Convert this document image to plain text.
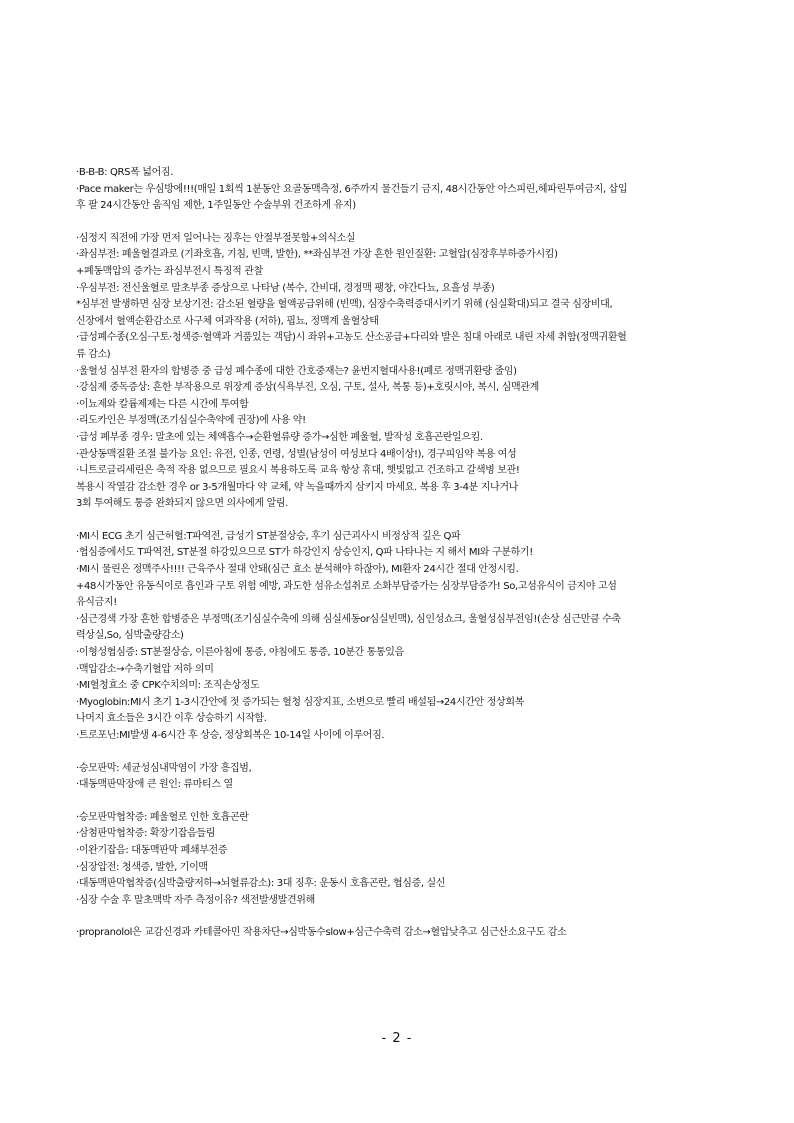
·B-B-B: QRS폭 넓어짐.
·Pace maker는 우심방에!!!(매일 1회씩 1분동안 요골동맥측정, 6주까지 물건들기 금지, 48시간동안 아스피린,헤파린투여금지, 삽입
후 팔 24시간동안 움직임 제한, 1주일동안 수술부위 건조하게 유지)
·심정지 직전에 가장 먼저 일어나는 징후는 안절부절못함+의식소실
·좌심부전: 폐울혈결과로 (기좌호흡, 기침, 빈맥, 발한), **좌심부전 가장 흔한 원인질환: 고혈압(심장후부하증가시킴)
+폐동맥압의 증가는 좌심부전시 특징적 관찰
·우심부전: 전신울혈로 말초부종 증상으로 나타남 (복수, 간비대, 경정맥 팽창, 야간다뇨, 요흘성 부종)
*심부전 발생하면 심장 보상기전: 감소된 혈량을 혈액공급위해 (빈맥), 심장수축력증대시키기 위해 (심실확대)되고 결국 심장비대,
신장에서 혈액순환감소로 사구체 여과작용 (저하), 핍뇨, 정맥계 울혈상태
·급성폐수종(오심·구토·청색증·혈액과 거품있는 객담)시 좌위+고농도 산소공급+다리와 발은 침대 아래로 내린 자세 취함(정맥귀환혈
류 감소)
·울혈성 심부전 환자의 합병증 중 급성 폐수종에 대한 간호중재는? 윤번지혈대사용!(폐로 정맥귀환량 줄임)
·강심제 중독증상: 흔한 부작용으로 위장계 증상(식욕부진, 오심, 구토, 설사, 복통 등)+호릿시야, 복시, 심맥관계
·이뇨제와 칼륨제제는 다른 시간에 투여함
·리도카인은 부정맥(조기심실수축약에 권장)에 사용 약!
·급성 폐부종 경우: 말초에 있는 체액흡수→순환혈류량 증가→심한 폐울혈, 발작성 호흡곤란일으킴.
·관상동맥질환 조절 불가능 요인: 유전, 인종, 연령, 성별(남성이 여성보다 4배이상!), 경구피임약 복용 여성
·니트로글리세린은 축적 작용 없으므로 필요시 복용하도록 교육 항상 휴대, 햇빛없고 건조하고 갈색병 보관!
복용시 작열감 감소한 경우 or 3-5개월마다 약 교체, 약 녹을때까지 삼키지 마세요. 복용 후 3-4분 지나거나
3회 투여해도 통증 완화되지 않으면 의사에게 알림.
·MI시 ECG 초기 심근허혈:T파역전, 급성기 ST분절상승, 후기 심근괴사시 비정상적 깊은 Q파
·협심증에서도 T파역전, ST분절 하강있으므로 ST가 하강인지 상승인지, Q파 나타나는 지 해서 MI와 구분하기!
·MI시 물린은 정맥주사!!!! 근육주사 절대 안돼(심근 효소 분석해야 하잖아), MI환자 24시간 절대 안정시킴.
+48시가동안 유동식이로 흡인과 구토 위험 예방, 과도한 섬유소섭취로 소화부담증가는 심장부담증가! So,고섬유식이 금지야 고섬
유식금지!
·심근경색 가장 흔한 합병증은 부정맥(조기심실수축에 의해 심실세동or심실빈맥), 심인성쇼크, 울혈성심부전임!(손상 심근만큼 수축
력상실,So, 심박출량감소)
·이형성협심증: ST분절상승, 이른아침에 통증, 야침에도 통증, 10분간 통통있음
·맥압감소→수축기혈압 저하 의미
·MI혈청효소 중 CPK수치의미: 조직손상정도
·Myoglobin:MI시 초기 1-3시간안에 젓 증가되는 혈청 심장지표, 소변으로 빨리 배설됨→24시간안 정상회복
나머지 효소들은 3시간 이후 상승하기 시작함.
·트로포닌:MI발생 4-6시간 후 상승, 정상회복은 10-14일 사이에 이루어짐.
·승모판막: 세균성심내막염이 가장 흥집범,
·대동맥판막장애 큰 원인: 류마티스 열
·승모판막협착증: 폐울혈로 인한 호흡곤란
·삼첨판막협착증: 확장기잡음들림
·이완기잡음: 대동맥판막 폐쇄부전증
·심장압전: 청색증, 발한, 기이맥
·대동맥판막협착증(심박출량저하→뇌혈류감소): 3대 징후: 운동시 호흡곤란, 협심증, 실신
·심장 수술 후 말초맥박 자주 측정이유? 색전발생발견위해
·propranolol은 교감신경과 카테콜아민 작용차단→심박동수slow+심근수축력 감소→혈압낮추고 심근산소요구도 감소
- 2 -
